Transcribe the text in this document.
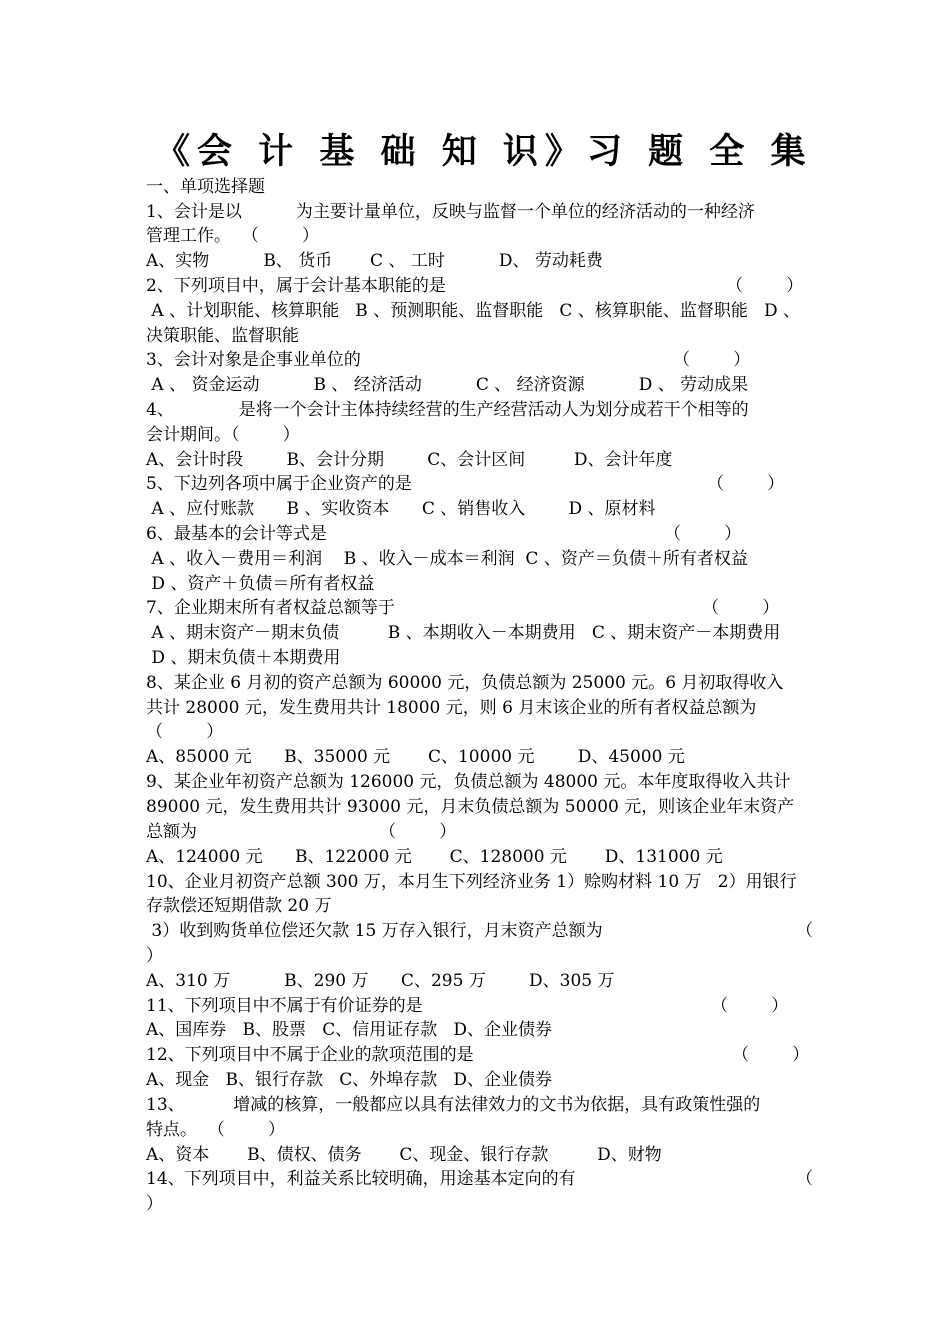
《会 计 基 础 知 识》习 题 全 集
一、单项选择题
1、会计是以          为主要计量单位，反映与监督一个单位的经济活动的一种经济
管理工作。  （        ）
A、实物          B、 货币       C 、 工时          D、 劳动耗费
2、下列项目中，属于会计基本职能的是	（        ）
A 、计划职能、核算职能   B 、预测职能、监督职能   C 、核算职能、监督职能   D 、
决策职能、监督职能
3、会计对象是企事业单位的	（        ）
A 、 资金运动          B 、 经济活动          C 、 经济资源          D 、 劳动成果
4、            是将一个会计主体持续经营的生产经营活动人为划分成若干个相等的
会计期间。（        ）
A、会计时段        B、会计分期        C、会计区间         D、会计年度
5、下边列各项中属于企业资产的是	（        ）
A 、应付账款      B 、实收资本      C 、销售收入        D 、原材料
6、最基本的会计等式是	（        ）
A 、收入－费用＝利润    B 、收入－成本＝利润  C 、资产＝负债＋所有者权益
D 、资产＋负债＝所有者权益
7、企业期末所有者权益总额等于	（        ）
A 、期末资产－期末负债         B 、本期收入－本期费用   C 、期末资产－本期费用
D 、期末负债＋本期费用
8、某企业 6 月初的资产总额为 60000 元，负债总额为 25000 元。6 月初取得收入
共计 28000 元，发生费用共计 18000 元，则 6 月末该企业的所有者权益总额为
（        ）
A、85000 元      B、35000 元       C、10000 元        D、45000 元
9、某企业年初资产总额为 126000 元，负债总额为 48000 元。本年度取得收入共计
89000 元，发生费用共计 93000 元，月末负债总额为 50000 元，则该企业年末资产
总额为	（        ）
A、124000 元      B、122000 元       C、128000 元       D、131000 元
10、企业月初资产总额 300 万，本月生下列经济业务 1）赊购材料 10 万   2）用银行
存款偿还短期借款 20 万
3）收到购货单位偿还欠款 15 万存入银行，月末资产总额为	（
）
A、310 万          B、290 万      C、295 万        D、305 万
11、下列项目中不属于有价证券的是	（        ）
A、国库券   B、股票   C、信用证存款   D、企业债券
12、下列项目中不属于企业的款项范围的是	（        ）
A、现金   B、银行存款   C、外埠存款   D、企业债券
13、         增减的核算，一般都应以具有法律效力的文书为依据，具有政策性强的
特点。  （        ）
A、资本       B、债权、债务       C、现金、银行存款         D、财物
14、下列项目中，利益关系比较明确，用途基本定向的有	（
）
